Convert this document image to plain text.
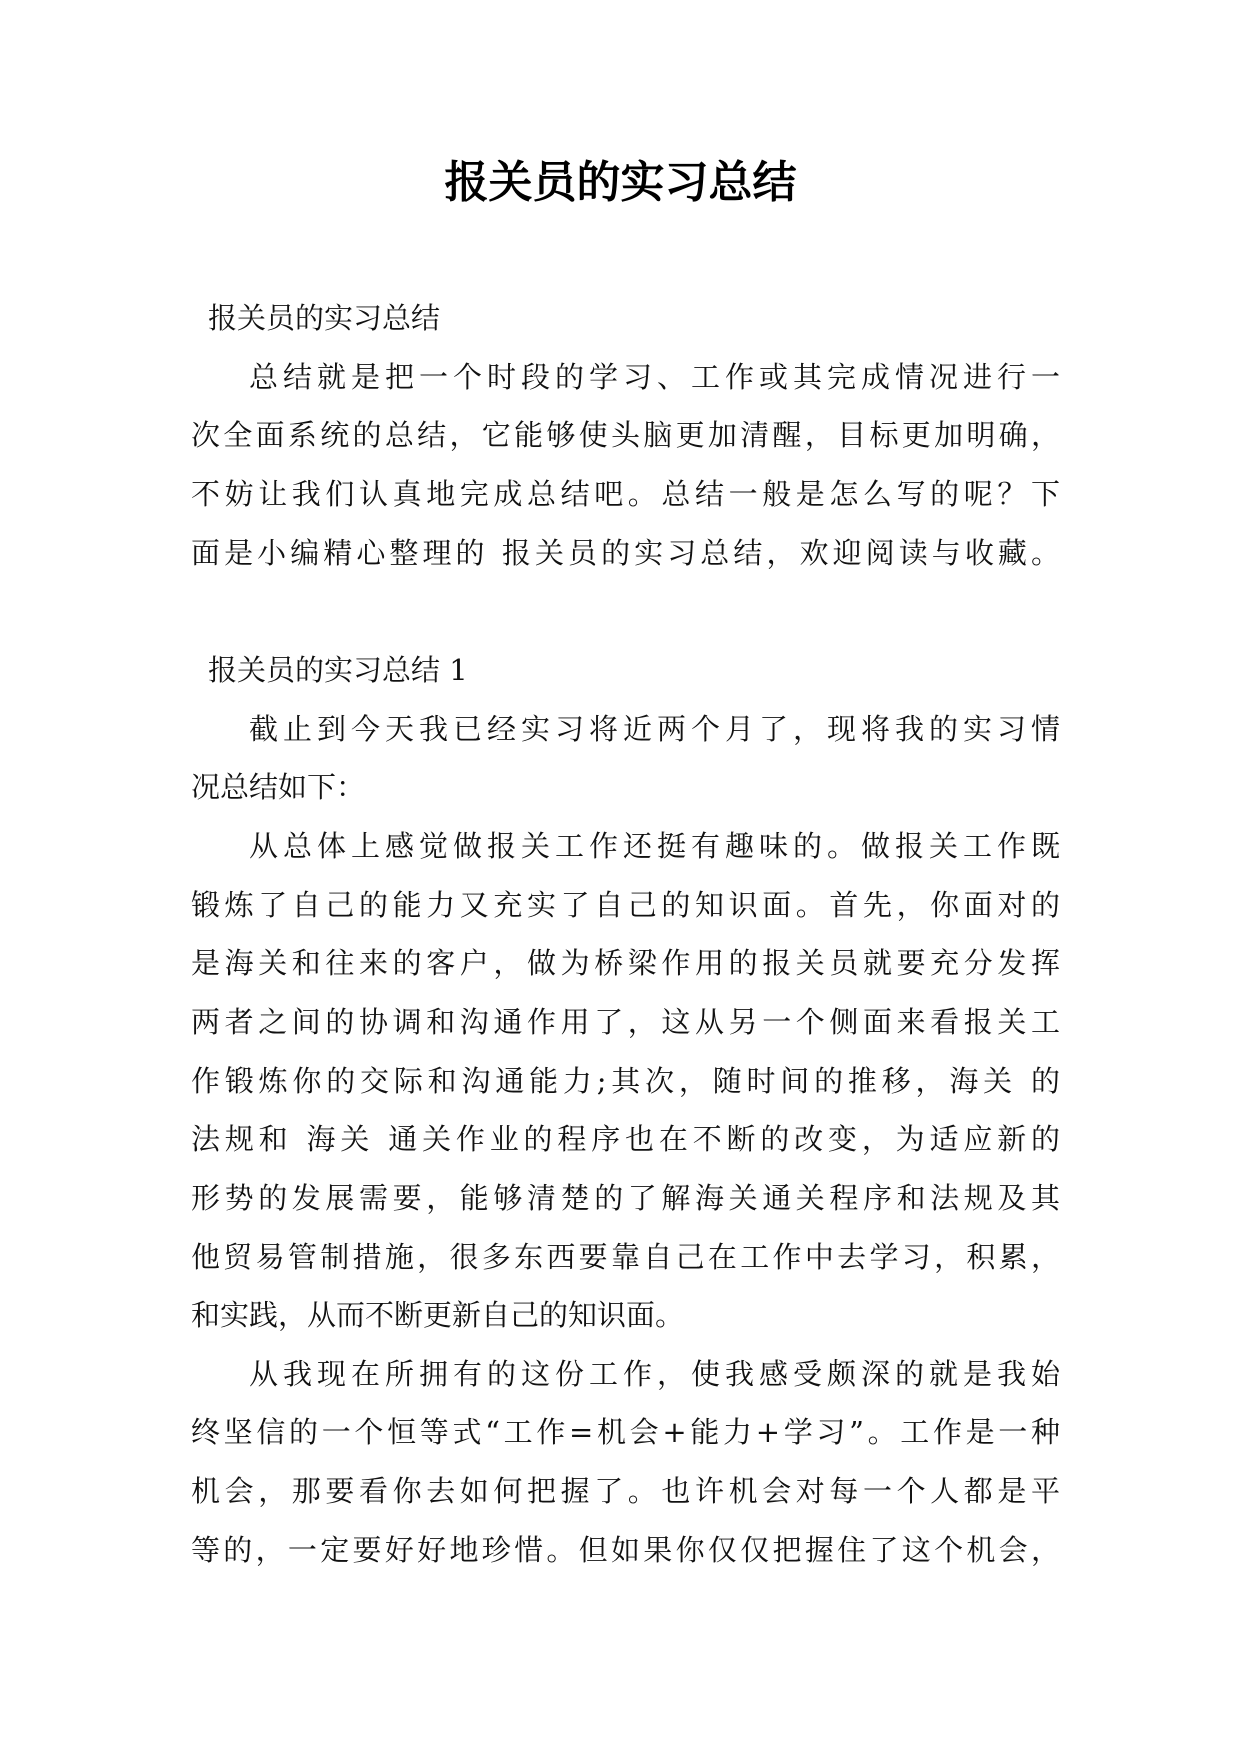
报关员的实习总结
报关员的实习总结
总结就是把一个时段的学习、工作或其完成情况进行一
次全面系统的总结，它能够使头脑更加清醒，目标更加明确，
不妨让我们认真地完成总结吧。总结一般是怎么写的呢？下
面是小编精心整理的 报关员的实习总结，欢迎阅读与收藏。
报关员的实习总结 1
截止到今天我已经实习将近两个月了，现将我的实习情
况总结如下：
从总体上感觉做报关工作还挺有趣味的。做报关工作既
锻炼了自己的能力又充实了自己的知识面。首先，你面对的
是海关和往来的客户，做为桥梁作用的报关员就要充分发挥
两者之间的协调和沟通作用了，这从另一个侧面来看报关工
作锻炼你的交际和沟通能力;其次，随时间的推移，海关 的
法规和 海关 通关作业的程序也在不断的改变，为适应新的
形势的发展需要，能够清楚的了解海关通关程序和法规及其
他贸易管制措施，很多东西要靠自己在工作中去学习，积累，
和实践，从而不断更新自己的知识面。
从我现在所拥有的这份工作，使我感受颇深的就是我始
终坚信的一个恒等式“工作=机会+能力+学习”。工作是一种
机会，那要看你去如何把握了。也许机会对每一个人都是平
等的，一定要好好地珍惜。但如果你仅仅把握住了这个机会，
